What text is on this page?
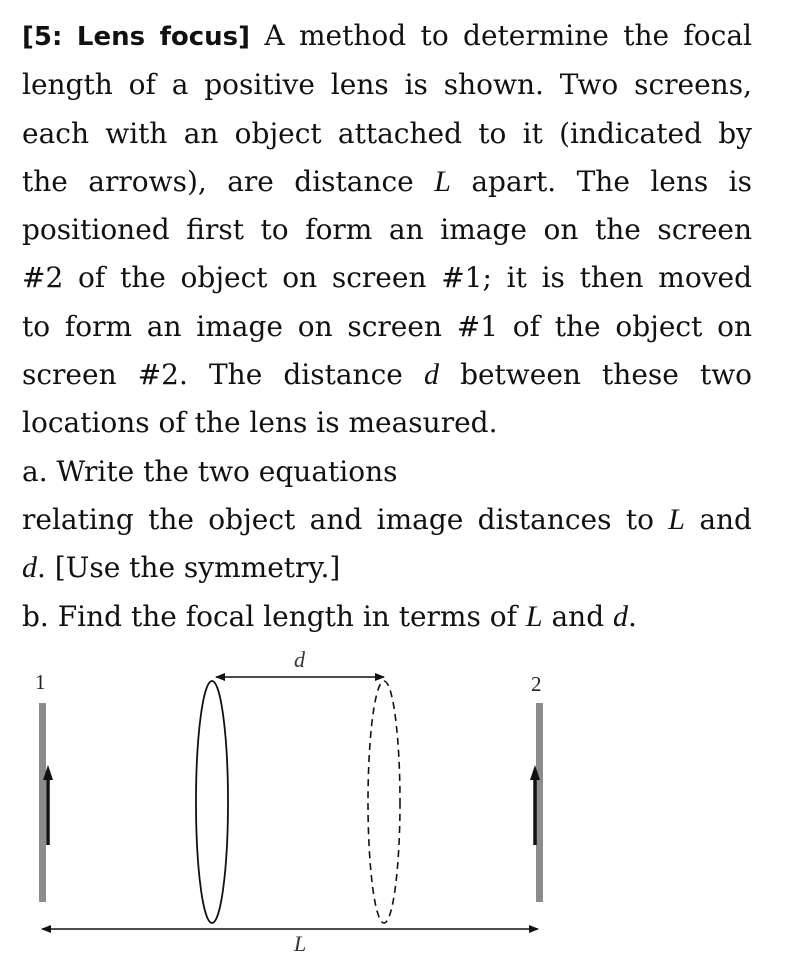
[5: Lens focus] A method to determine the focal

length of a positive lens is shown. Two screens,

each with an object attached to it (indicated by

the arrows), are distance L apart. The lens is

positioned first to form an image on the screen

#2 of the object on screen #1; it is then moved

to form an image on screen #1 of the object on

screen #2. The distance d between these two

locations of the lens is measured.

a. Write the two equations

relating the object and image distances to L and

d. [Use the symmetry.]

b. Find the focal length in terms of L and d.

1	2
d
L
